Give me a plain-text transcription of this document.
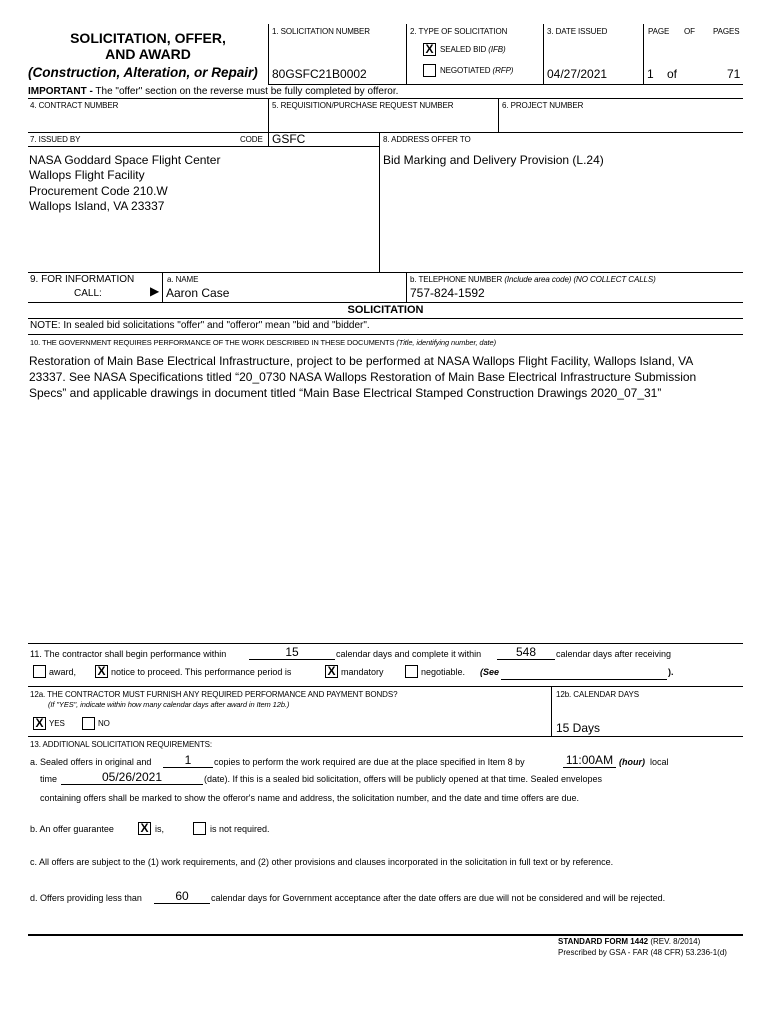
SOLICITATION, OFFER,
AND AWARD
(Construction, Alteration, or Repair)
1. SOLICITATION NUMBER
80GSFC21B0002
2. TYPE OF SOLICITATION
X SEALED BID (IFB)
NEGOTIATED (RFP)
3. DATE ISSUED
04/27/2021
PAGE OF PAGES
1 of	71
IMPORTANT - The "offer" section on the reverse must be fully completed by offeror.
4. CONTRACT NUMBER	5. REQUISITION/PURCHASE REQUEST NUMBER	6. PROJECT NUMBER
7. ISSUED BY	CODE GSFC	8. ADDRESS OFFER TO
NASA Goddard Space Flight Center
Wallops Flight Facility
Procurement Code 210.W
Wallops Island, VA 23337
Bid Marking and Delivery Provision (L.24)
9. FOR INFORMATION
CALL:	▶
a. NAME
Aaron Case
b. TELEPHONE NUMBER (Include area code) (NO COLLECT CALLS)
757-824-1592
SOLICITATION
NOTE: In sealed bid solicitations "offer" and "offeror" mean "bid and "bidder".
10. THE GOVERNMENT REQUIRES PERFORMANCE OF THE WORK DESCRIBED IN THESE DOCUMENTS (Title, identifying number, date)
Restoration of Main Base Electrical Infrastructure, project to be performed at NASA Wallops Flight Facility, Wallops Island, VA
23337. See NASA Specifications titled “20_0730 NASA Wallops Restoration of Main Base Electrical Infrastructure Submission
Specs” and applicable drawings in document titled “Main Base Electrical Stamped Construction Drawings 2020_07_31”
11. The contractor shall begin performance within	15	calendar days and complete it within	548	calendar days after receiving
award, X notice to proceed. This performance period is	X mandatory	negotiable. (See	).
12a. THE CONTRACTOR MUST FURNISH ANY REQUIRED PERFORMANCE AND PAYMENT BONDS?
(If "YES", indicate within how many calendar days after award in Item 12b.)
X YES	NO
12b. CALENDAR DAYS
15 Days
13. ADDITIONAL SOLICITATION REQUIREMENTS:
a. Sealed offers in original and	1	copies to perform the work required are due at the place specified in Item 8 by	11:00AM (hour) local
time	05/26/2021	(date). If this is a sealed bid solicitation, offers will be publicly opened at that time. Sealed envelopes
containing offers shall be marked to show the offeror's name and address, the solicitation number, and the date and time offers are due.
b. An offer guarantee X is,	is not required.
c. All offers are subject to the (1) work requirements, and (2) other provisions and clauses incorporated in the solicitation in full text or by reference.
d. Offers providing less than	60	calendar days for Government acceptance after the date offers are due will not be considered and will be rejected.
STANDARD FORM 1442 (REV. 8/2014)
Prescribed by GSA - FAR (48 CFR) 53.236-1(d)
